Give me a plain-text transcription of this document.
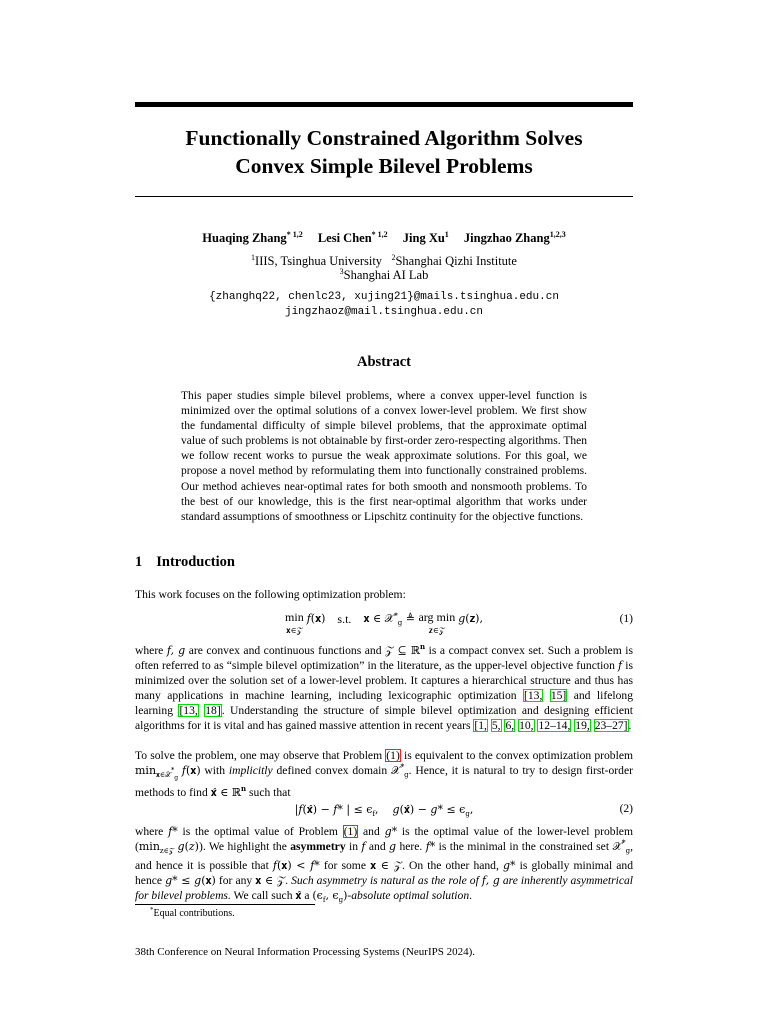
Functionally Constrained Algorithm Solves
Convex Simple Bilevel Problems
Huaqing Zhang$^{* 1,2}$ Lesi Chen$^{* 1,2}$ Jing Xu$^1$ Jingzhao Zhang$^{1,2,3}$
$^1$IIIS, Tsinghua University $^2$Shanghai Qizhi Institute
$^3$Shanghai AI Lab
{zhanghq22, chenlc23, xujing21}@mails.tsinghua.edu.cn
jingzhaoz@mail.tsinghua.edu.cn
Abstract
This paper studies simple bilevel problems, where a convex upper-level function is minimized over the optimal solutions of a convex lower-level problem. We first show the fundamental difficulty of simple bilevel problems, that the approximate optimal value of such problems is not obtainable by first-order zero-respecting algorithms. Then we follow recent works to pursue the weak approximate solutions. For this goal, we propose a novel method by reformulating them into functionally constrained problems. Our method achieves near-optimal rates for both smooth and nonsmooth problems. To the best of our knowledge, this is the first near-optimal algorithm that works under standard assumptions of smoothness or Lipschitz continuity for the objective functions.
1 Introduction
This work focuses on the following optimization problem:
min
𝐱∈𝒵 f(𝐱)    s.t.    𝐱 ∈ 𝒳*$_g$ ≜ arg min
𝐳∈𝒵 g(𝐳),	(1)
where f, g are convex and continuous functions and 𝒵 ⊆ ℝ$^n$ is a compact convex set. Such a problem is often referred to as “simple bilevel optimization” in the literature, as the upper-level objective function f is minimized over the solution set of a lower-level problem. It captures a hierarchical structure and thus has many applications in machine learning, including lexicographic optimization [13, 15] and lifelong learning [13, 18]. Understanding the structure of simple bilevel optimization and designing efficient algorithms for it is vital and has gained massive attention in recent years [1, 5, 6, 10, 12–14, 19, 23–27].
To solve the problem, one may observe that Problem (1) is equivalent to the convex optimization problem $\min_{𝐱\in 𝒳^*_g}$ f(𝐱) with implicitly defined convex domain 𝒳*$_g$. Hence, it is natural to try to design first-order methods to find 𝐱̂ ∈ ℝ$^n$ such that
|f(𝐱̂) − f* | ≤ $\epsilon_f$,    g(𝐱̂) − $g* \le \epsilon_g$,	(2)
where f* is the optimal value of Problem (1) and g* is the optimal value of the lower-level problem ($\min_{z\in 𝒵}$ g(z)). We highlight the asymmetry in f and g here. f* is the minimal in the constrained set 𝒳*$_g$, and hence it is possible that f(𝐱) < f* for some 𝐱 ∈ 𝒵. On the other hand, g* is globally minimal and hence g* ≤ g(𝐱) for any 𝐱 ∈ 𝒵. Such asymmetry is natural as the role of f, g are inherently asymmetrical for bilevel problems. We call such 𝐱̂ a ($\epsilon_f$, $\epsilon_g$)-absolute optimal solution.
*Equal contributions.
38th Conference on Neural Information Processing Systems (NeurIPS 2024).
